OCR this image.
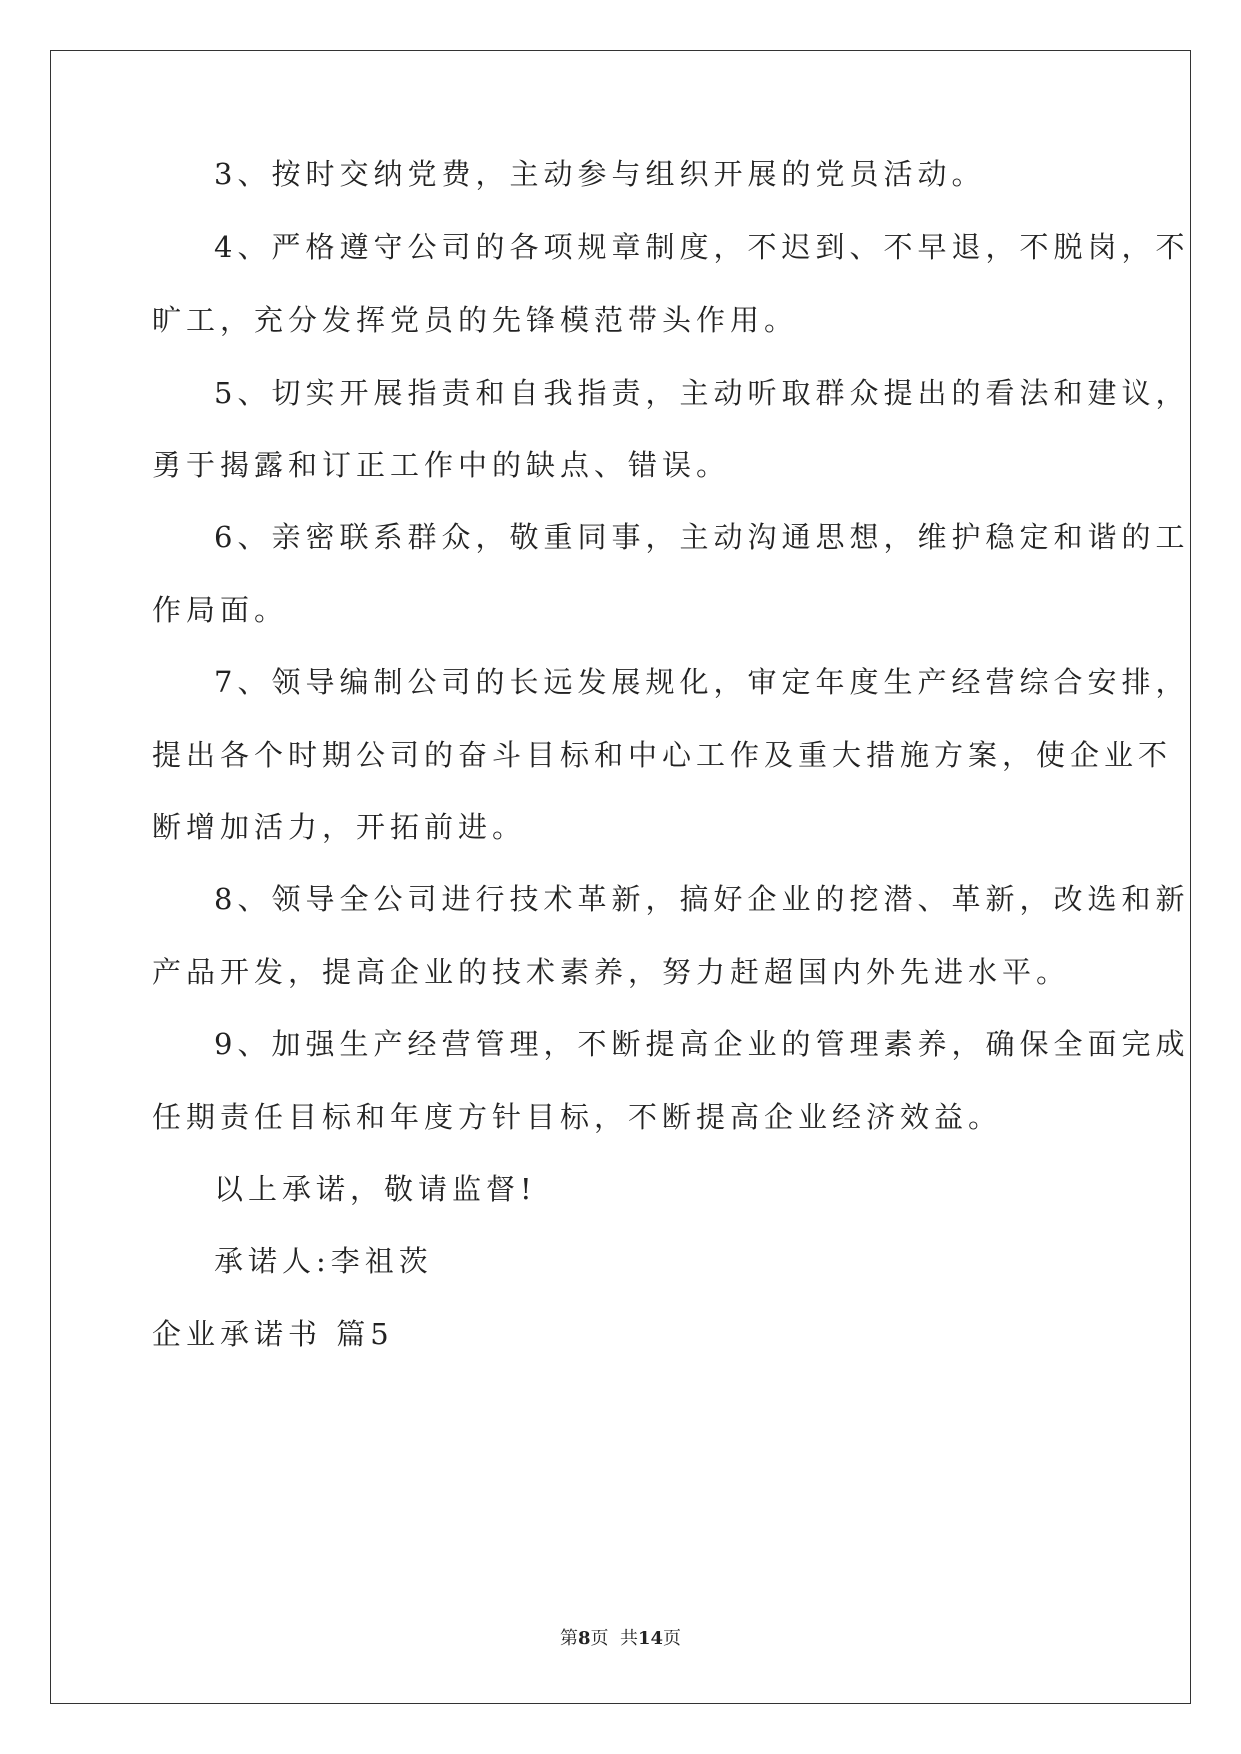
3、按时交纳党费，主动参与组织开展的党员活动。
4、严格遵守公司的各项规章制度，不迟到、不早退，不脱岗，不
旷工，充分发挥党员的先锋模范带头作用。
5、切实开展指责和自我指责，主动听取群众提出的看法和建议，
勇于揭露和订正工作中的缺点、错误。
6、亲密联系群众，敬重同事，主动沟通思想，维护稳定和谐的工
作局面。
7、领导编制公司的长远发展规化，审定年度生产经营综合安排，
提出各个时期公司的奋斗目标和中心工作及重大措施方案，使企业不
断增加活力，开拓前进。
8、领导全公司进行技术革新，搞好企业的挖潜、革新，改选和新
产品开发，提高企业的技术素养，努力赶超国内外先进水平。
9、加强生产经营管理，不断提高企业的管理素养，确保全面完成
任期责任目标和年度方针目标，不断提高企业经济效益。
以上承诺，敬请监督!
承诺人:李祖茨
企业承诺书 篇5
第8页  共14页
